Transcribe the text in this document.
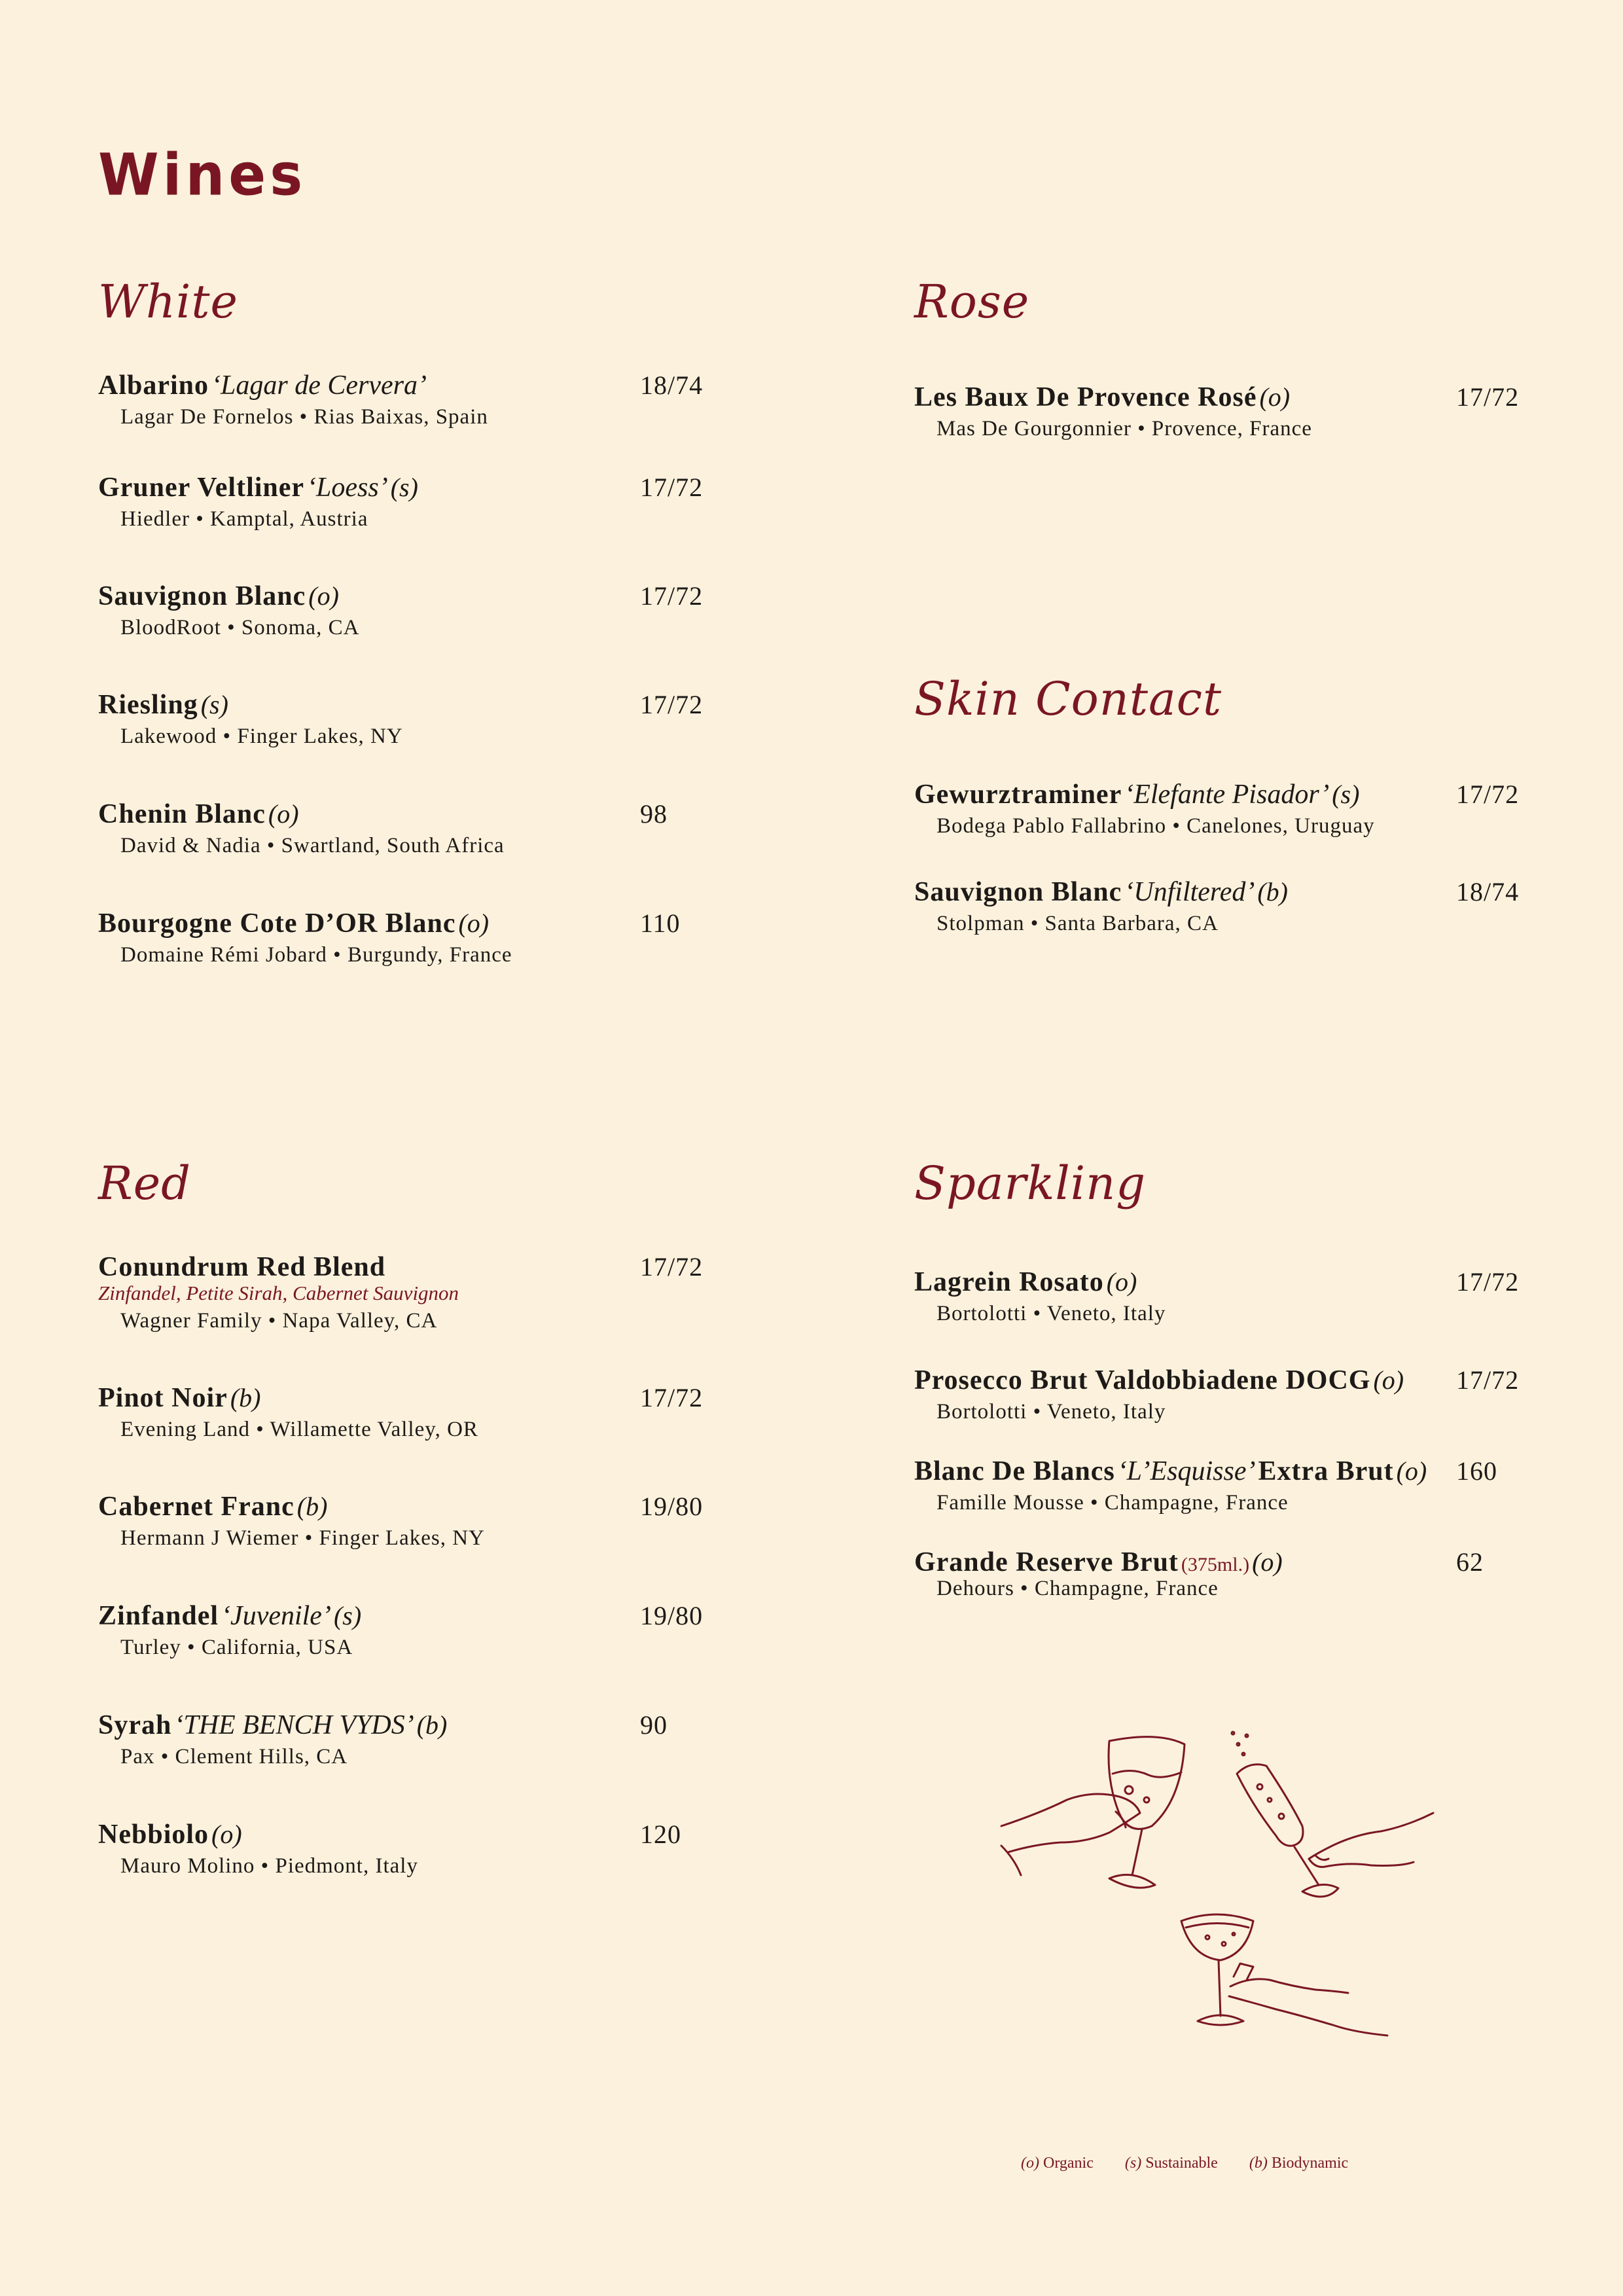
Wines
White
Albarino ‘Lagar de Cervera’
Lagar De Fornelos • Rias Baixas, Spain
18/74
Gruner Veltliner ‘Loess’ (s)
Hiedler • Kamptal, Austria
17/72
Sauvignon Blanc (o)
BloodRoot • Sonoma, CA
17/72
Riesling (s)
Lakewood • Finger Lakes, NY
17/72
Chenin Blanc (o)
David & Nadia • Swartland, South Africa
98
Bourgogne Cote D’OR Blanc (o)
Domaine Rémi Jobard • Burgundy, France
110
Rose
Les Baux De Provence Rosé (o)
Mas De Gourgonnier • Provence, France
17/72
Skin Contact
Gewurztraminer ‘Elefante Pisador’ (s)
Bodega Pablo Fallabrino • Canelones, Uruguay
17/72
Sauvignon Blanc ‘Unfiltered’ (b)
Stolpman • Santa Barbara, CA
18/74
Red
Conundrum Red Blend
Zinfandel, Petite Sirah, Cabernet Sauvignon
Wagner Family • Napa Valley, CA
17/72
Pinot Noir (b)
Evening Land • Willamette Valley, OR
17/72
Cabernet Franc (b)
Hermann J Wiemer • Finger Lakes, NY
19/80
Zinfandel ‘Juvenile’ (s)
Turley • California, USA
19/80
Syrah ‘THE BENCH VYDS’ (b)
Pax • Clement Hills, CA
90
Nebbiolo (o)
Mauro Molino • Piedmont, Italy
120
Sparkling
Lagrein Rosato (o)
Bortolotti • Veneto, Italy
17/72
Prosecco Brut Valdobbiadene DOCG (o)
Bortolotti • Veneto, Italy
17/72
Blanc De Blancs ‘L’Esquisse’ Extra Brut (o)
Famille Mousse • Champagne, France
160
Grande Reserve Brut (375ml.) (o)
Dehours • Champagne, France
62
(o) Organic (s) Sustainable (b) Biodynamic
